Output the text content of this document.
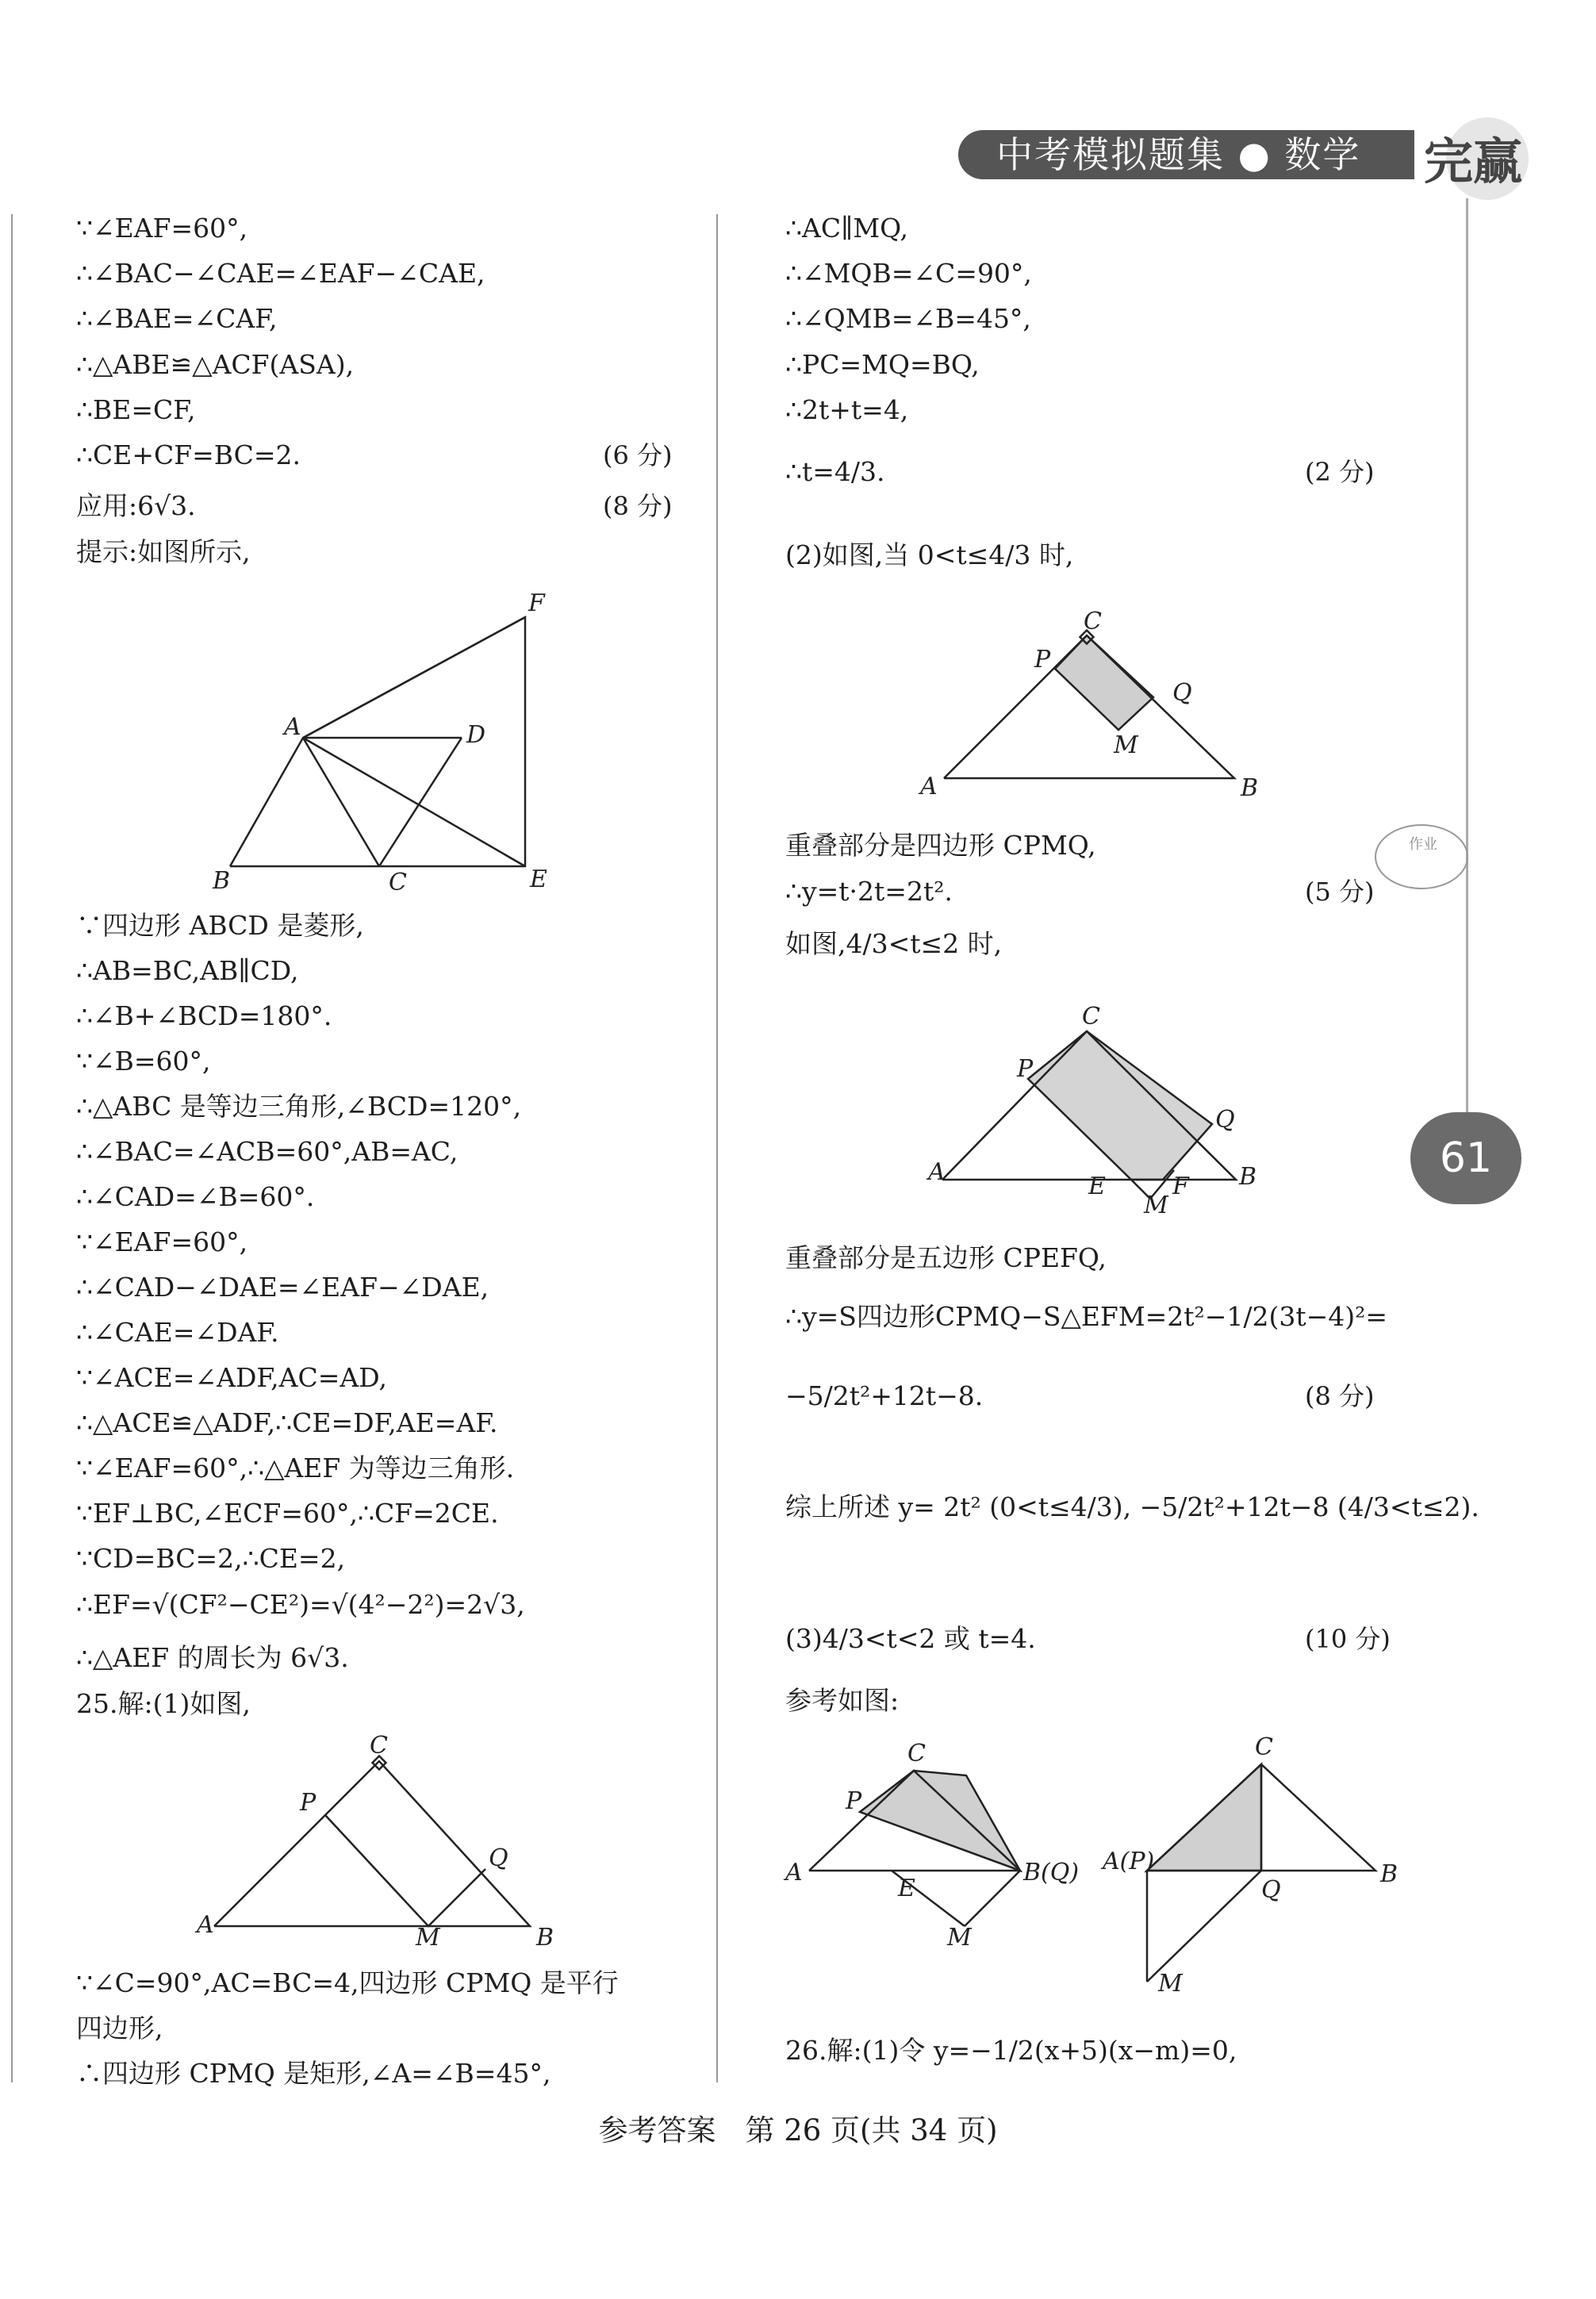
中考模拟题集 ● 数学	完赢
61
∵∠EAF=60°,
∴∠BAC−∠CAE=∠EAF−∠CAE,
∴∠BAE=∠CAF,
∴△ABE≌△ACF(ASA),
∴BE=CF,
∴CE+CF=BC=2.	(6 分)
应用:6√3.	(8 分)
提示:如图所示,
∵四边形 ABCD 是菱形,
∴AB=BC,AB∥CD,
∴∠B+∠BCD=180°.
∵∠B=60°,
∴△ABC 是等边三角形,∠BCD=120°,
∴∠BAC=∠ACB=60°,AB=AC,
∴∠CAD=∠B=60°.
∵∠EAF=60°,
∴∠CAD−∠DAE=∠EAF−∠DAE,
∴∠CAE=∠DAF.
∵∠ACE=∠ADF,AC=AD,
∴△ACE≌△ADF,∴CE=DF,AE=AF.
∵∠EAF=60°,∴△AEF 为等边三角形.
∵EF⊥BC,∠ECF=60°,∴CF=2CE.
∵CD=BC=2,∴CE=2,
∴EF=√(CF²−CE²)=√(4²−2²)=2√3,
∴△AEF 的周长为 6√3.
25.解:(1)如图,
∵∠C=90°,AC=BC=4,四边形 CPMQ 是平行
四边形,
∴四边形 CPMQ 是矩形,∠A=∠B=45°,
∴AC∥MQ,
∴∠MQB=∠C=90°,
∴∠QMB=∠B=45°,
∴PC=MQ=BQ,
∴2t+t=4,
∴t=4/3.	(2 分)
(2)如图,当 0<t≤4/3 时,
重叠部分是四边形 CPMQ,
∴y=t·2t=2t².	(5 分)
如图,4/3<t≤2 时,
重叠部分是五边形 CPEFQ,
∴y=S四边形CPMQ−S△EFM=2t²−1/2(3t−4)²=
−5/2t²+12t−8.	(8 分)
综上所述 y= 2t² (0<t≤4/3), −5/2t²+12t−8 (4/3<t≤2).
(3)4/3<t<2 或 t=4.	(10 分)
参考如图:
26.解:(1)令 y=−1/2(x+5)(x−m)=0,
F
A	D
B	C	E
C
P
Q
M
A	B
C
P
Q
A
E	F B
M
C
P
Q
M
A	B
C
P
A
E
B(Q)
M
C
A(P)
Q
B
M
作业
参考答案　第 26 页(共 34 页)
